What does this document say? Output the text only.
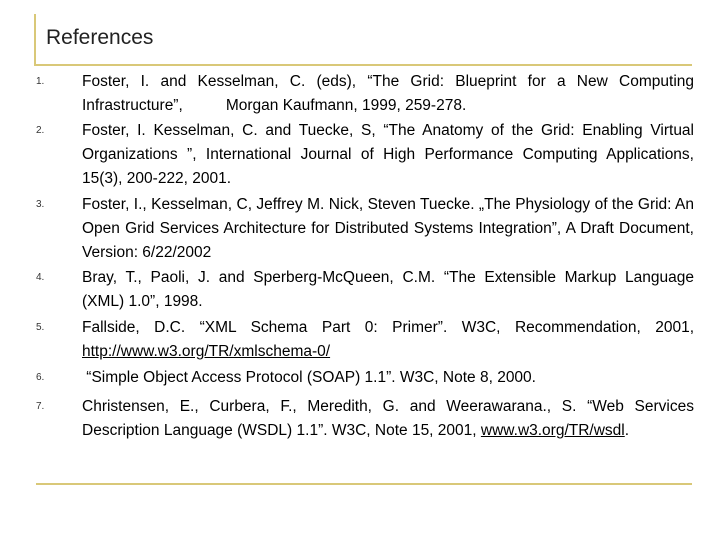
References
1. Foster, I. and Kesselman, C. (eds), “The Grid: Blueprint for a New Computing
Infrastructure”,          Morgan Kaufmann, 1999, 259-278.
2. Foster, I. Kesselman, C. and Tuecke, S, “The Anatomy of the Grid: Enabling Virtual Organizations ”, International Journal of High Performance Computing Applications, 15(3), 200-222, 2001.
3. Foster, I., Kesselman, C, Jeffrey M. Nick, Steven Tuecke. „The Physiology of the Grid: An Open Grid Services Architecture for Distributed Systems Integration”, A Draft Document, Version: 6/22/2002
4. Bray, T., Paoli, J. and Sperberg-McQueen, C.M. “The Extensible Markup Language (XML) 1.0”, 1998.
5. Fallside, D.C. “XML Schema Part 0: Primer”. W3C, Recommendation, 2001, http://www.w3.org/TR/xmlschema-0/
6. “Simple Object Access Protocol (SOAP) 1.1”. W3C, Note 8, 2000.
7. Christensen, E., Curbera, F., Meredith, G. and Weerawarana., S. “Web Services Description Language (WSDL) 1.1”. W3C, Note 15, 2001, www.w3.org/TR/wsdl.
